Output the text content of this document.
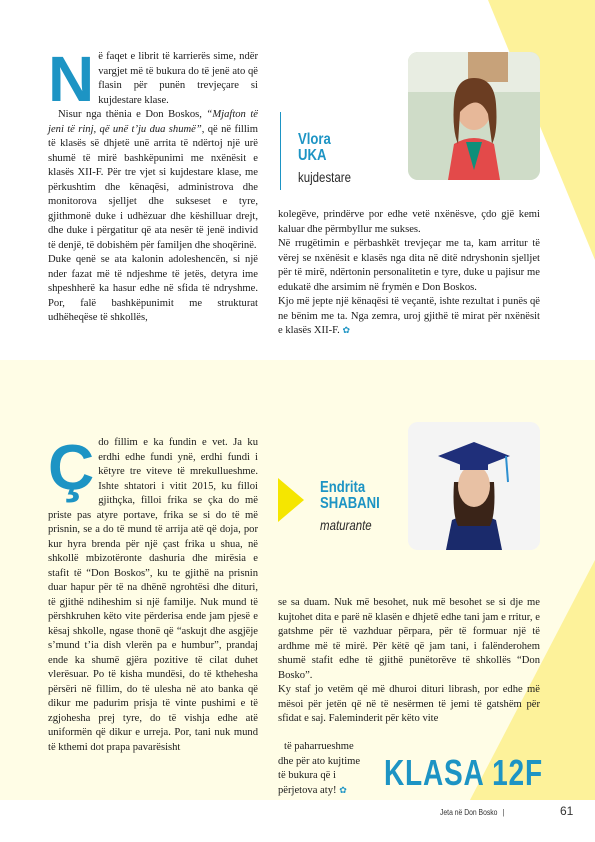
Në faqet e librit të karrierës sime, ndër vargjet më të bukura do të jenë ato që flasin për punën trevjeçare si kujdestare klase.

Nisur nga thënia e Don Boskos, “Mjafton të jeni të rinj, që unë t’ju dua shumë”, që në fillim të klasës së dhjetë unë arrita të ndërtoj një urë shumë të mirë bashkëpunimi me nxënësit e klasës XII-F. Për tre vjet si kujdestare klase, me përkushtim dhe kënaqësi, administrova dhe monitorova sjelljet dhe sukseset e tyre, gjithmonë duke i udhëzuar dhe këshilluar drejt, dhe duke i përgatitur që ata nesër të jenë individ të denjë, të dobishëm për familjen dhe shoqërinë.

Duke qenë se ata kalonin adoleshencën, si një nder fazat më të ndjeshme të jetës, detyra ime shpeshherë ka hasur edhe në sfida të ndryshme. Por, falë bashkëpunimit me strukturat udhëheqëse të shkollës,

Vlora
UKA
kujdestare

kolegëve, prindërve por edhe vetë nxënësve, çdo gjë kemi kaluar dhe përmbyllur me sukses.

Në rrugëtimin e përbashkët trevjeçar me ta, kam arritur të vërej se nxënësit e klasës nga dita në ditë ndryshonin sjelljet për të mirë, ndërtonin personalitetin e tyre, duke u pajisur me edukatë dhe arsimim në frymën e Don Boskos.

Kjo më jepte një kënaqësi të veçantë, ishte rezultat i punës që ne bënim me ta. Nga zemra, uroj gjithë të mirat për nxënësit e klasës XII-F. ✿

Çdo fillim e ka fundin e vet. Ja ku erdhi edhe fundi ynë, erdhi fundi i këtyre tre viteve të mrekullueshme. Ishte shtatori i vitit 2015, ku filloi gjithçka, filloi frika se çka do më priste pas atyre portave, frika se si do të më prisnin, se a do të mund të arrija atë që doja, por kur hyra brenda për një çast frika u shua, në shkollë mbizotëronte dashuria dhe mirësia e stafit të “Don Boskos”, ku te gjithë na prisnin duar hapur për të na dhënë ngrohtësi dhe dituri, të gjithë ndiheshim si një familje. Nuk mund të përshkruhen këto vite përderisa ende jam pjesë e kësaj shkolle, ngase thonë që “askujt dhe asgjëje s’mund t’ia dish vlerën pa e humbur”, prandaj ende ka shumë gjëra pozitive të cilat duhet vlerësuar. Po të kisha mundësi, do të kthehesha përsëri në fillim, do të ulesha në ato banka që dikur me padurim prisja të vinte pushimi e të zgjohesha prej tyre, do të vishja edhe atë uniformën që dikur e urreja. Por, tani nuk mund të kthemi dot prapa pavarësisht

Endrita
SHABANI
maturante

se sa duam. Nuk më besohet, nuk më besohet se si dje me kujtohet dita e parë në klasën e dhjetë edhe tani jam e rritur, e gatshme për të vazhduar përpara, për të formuar një të ardhme më të mirë. Për këtë që jam tani, i falënderohem shumë stafit edhe të gjithë punëtorëve të shkollës “Don Bosko”.

Ky staf jo vetëm që më dhuroi dituri librash, por edhe më mësoi për jetën që në të nesërmen të jemi të gatshëm për sfidat e saj. Faleminderit për këto vite

të paharrueshme

dhe për ato kujtime

të bukura që i

përjetova aty! ✿	KLASA 12F
Jeta në Don Bosko |	61
